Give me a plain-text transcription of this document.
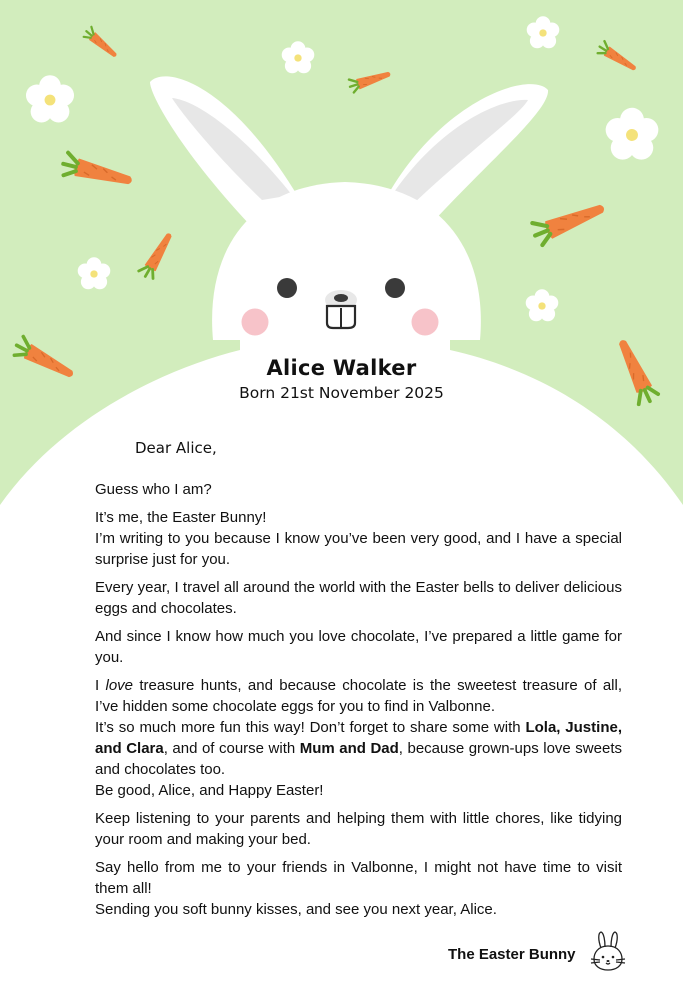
Alice Walker
Born 21st November 2025
Dear Alice,

Guess who I am?

It’s me, the Easter Bunny!

I’m writing to you because I know you’ve been very good, and I have a special surprise just for you.

Every year, I travel all around the world with the Easter bells to deliver delicious eggs and chocolates.

And since I know how much you love chocolate, I’ve prepared a little game for you.

I love treasure hunts, and because chocolate is the sweetest treasure of all, I’ve hidden some chocolate eggs for you to find in Valbonne.

It’s so much more fun this way! Don’t forget to share some with Lola, Justine, and Clara, and of course with Mum and Dad, because grown-ups love sweets and chocolates too.

Be good, Alice, and Happy Easter!

Keep listening to your parents and helping them with little chores, like tidying your room and making your bed.

Say hello from me to your friends in Valbonne, I might not have time to visit them all!

Sending you soft bunny kisses, and see you next year, Alice.

The Easter Bunny
